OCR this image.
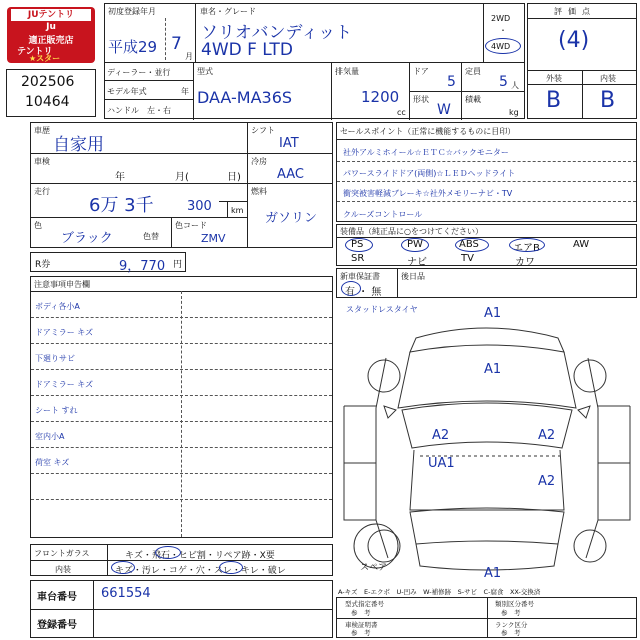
JUテントリ
Ju
適正販売店
テントリ
★スター
202506
10464
初度登録年月
平成29 7
月
車名・グレード
ソリオバンディット
4WD F LTD
2WD
・
4WD
ディーラー・並行
モデル年式	年
ハンドル　左・右
型式
DAA-MA36S
排気量
1200
cc
ドア
5
形状
W
定員
5 人
積載
kg
評価点
(4)
外装	内装
B B
車歴
自家用
車検
年	月(	日)
走行
6万 3千	300 km
色
ブラック	色替
色コード
ZMV
シフト
IAT
冷房
AAC
燃料
ガソリン
R券	9，770 円
セールスポイント（正常に機能するものに目印）
社外アルミホイール☆ＥＴＣ☆バックモニター
パワースライドドア(両側)☆ＬＥＤヘッドライト
衝突被害軽減ブレーキ☆社外メモリーナビ・TV
クルーズコントロール
装備品（純正品に○をつけてください）
PS	PW	ABS	エアB	AW
SR	ナビ	TV	カワ
新車保証書
有 ・ 無
後日品
注意事項申告欄
ボディ各小A
ドアミラー キズ
下廻りサビ
ドアミラー キズ
シート すれ
室内小A
荷室 キズ
スタッドレスタイヤ	A1
A1
A2
UA1
A2
A2
A1
スペア
フロントガラス	キズ・飛石・ヒビ割・リペア跡・X要
内装	キズ・汚レ・コゲ・穴・スレ・キレ・破レ
A-キズ　E-エクボ　U-凹み　W-補修跡　S-サビ　C-腐食　XX-交換済
車台番号 661554
登録番号
型式指定番号
参　考
類別区分番号
参　考
車検証明書
参　考
ランク区分
参　考
